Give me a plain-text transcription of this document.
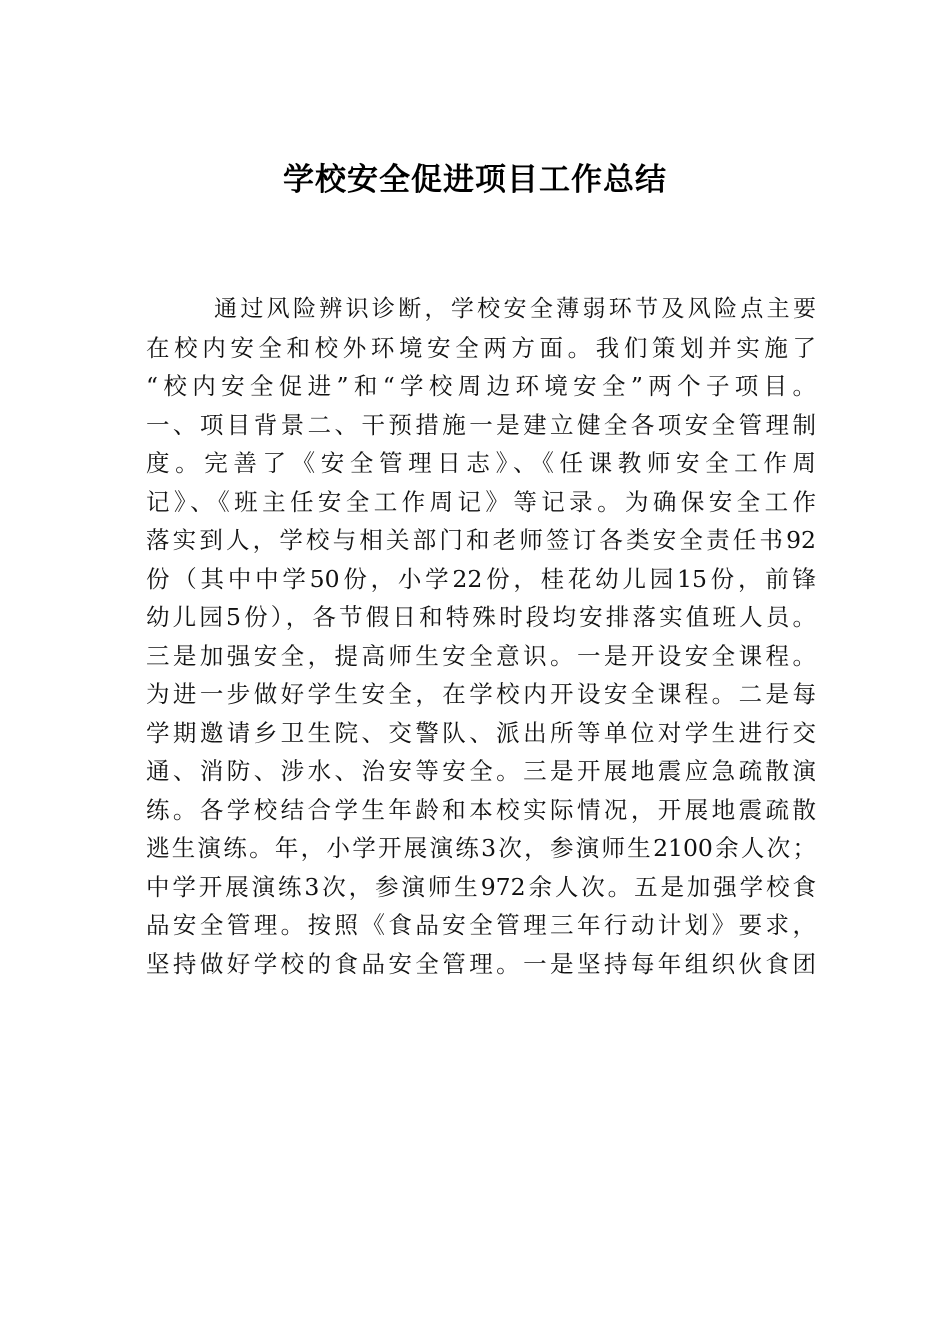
学校安全促进项目工作总结
通过风险辨识诊断，学校安全薄弱环节及风险点主要
在校内安全和校外环境安全两方面。我们策划并实施了
“校内安全促进”和“学校周边环境安全”两个子项目。
一、项目背景二、干预措施一是建立健全各项安全管理制
度。完善了《安全管理日志》、《任课教师安全工作周
记》、《班主任安全工作周记》等记录。为确保安全工作
落实到人，学校与相关部门和老师签订各类安全责任书92
份（其中中学50份，小学22份，桂花幼儿园15份，前锋
幼儿园5份），各节假日和特殊时段均安排落实值班人员。
三是加强安全，提高师生安全意识。一是开设安全课程。
为进一步做好学生安全，在学校内开设安全课程。二是每
学期邀请乡卫生院、交警队、派出所等单位对学生进行交
通、消防、涉水、治安等安全。三是开展地震应急疏散演
练。各学校结合学生年龄和本校实际情况，开展地震疏散
逃生演练。年，小学开展演练3次，参演师生2100余人次；
中学开展演练3次，参演师生972余人次。五是加强学校食
品安全管理。按照《食品安全管理三年行动计划》要求，
坚持做好学校的食品安全管理。一是坚持每年组织伙食团
